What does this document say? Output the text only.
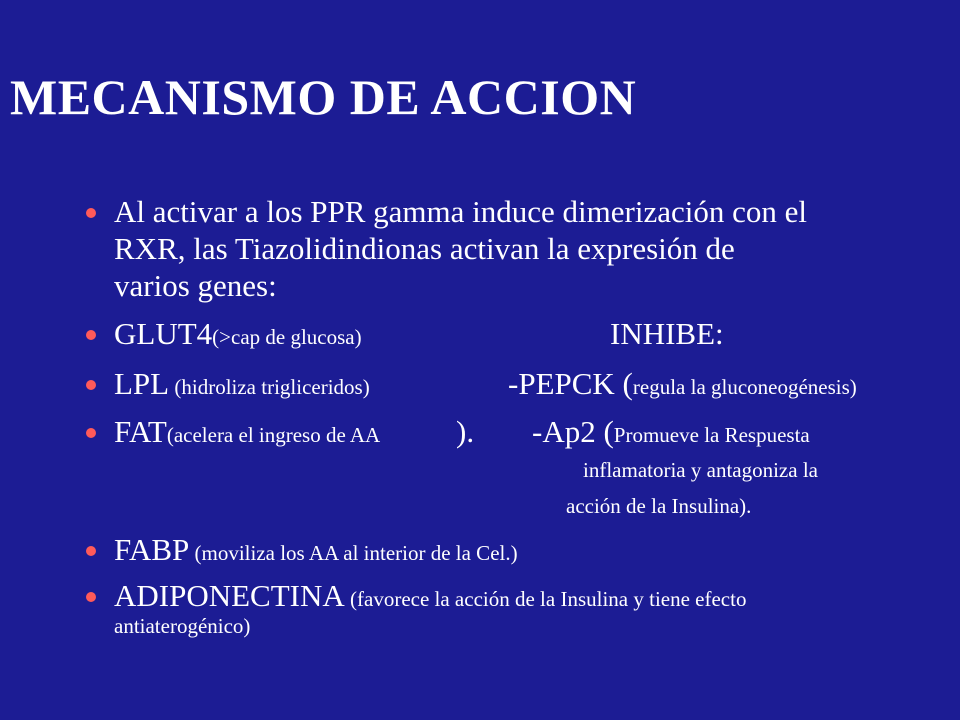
MECANISMO DE ACCION
Al activar a los PPR gamma induce dimerización con el
RXR, las Tiazolidindionas activan la expresión de
varios genes:
GLUT4(>cap de glucosa)	INHIBE:
LPL (hidroliza trigliceridos)	-PEPCK (regula la gluconeogénesis)
FAT(acelera el ingreso de AA ). -Ap2 (Promueve la Respuesta
inflamatoria y antagoniza la
acción de la Insulina).
FABP (moviliza los AA al interior de la Cel.)
ADIPONECTINA (favorece la acción de la Insulina y tiene efecto
antiaterogénico)
